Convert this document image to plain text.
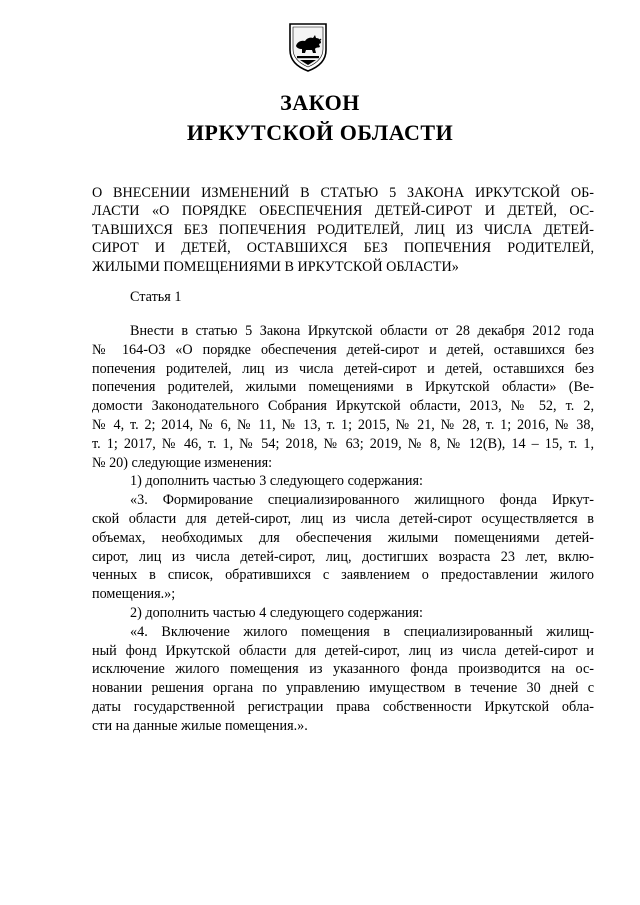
ЗАКОН
ИРКУТСКОЙ ОБЛАСТИ
О ВНЕСЕНИИ ИЗМЕНЕНИЙ В СТАТЬЮ 5 ЗАКОНА ИРКУТСКОЙ ОБ-
ЛАСТИ «О ПОРЯДКЕ ОБЕСПЕЧЕНИЯ ДЕТЕЙ-СИРОТ И ДЕТЕЙ, ОС-
ТАВШИХСЯ БЕЗ ПОПЕЧЕНИЯ РОДИТЕЛЕЙ, ЛИЦ ИЗ ЧИСЛА ДЕТЕЙ-
СИРОТ И ДЕТЕЙ, ОСТАВШИХСЯ БЕЗ ПОПЕЧЕНИЯ РОДИТЕЛЕЙ,
ЖИЛЫМИ ПОМЕЩЕНИЯМИ В ИРКУТСКОЙ ОБЛАСТИ»
Статья 1
Внести в статью 5 Закона Иркутской области от 28 декабря 2012 года
№ 164-ОЗ «О порядке обеспечения детей-сирот и детей, оставшихся без
попечения родителей, лиц из числа детей-сирот и детей, оставшихся без
попечения родителей, жилыми помещениями в Иркутской области» (Ве-
домости Законодательного Собрания Иркутской области, 2013, № 52, т. 2,
№ 4, т. 2; 2014, № 6, № 11, № 13, т. 1; 2015, № 21, № 28, т. 1; 2016, № 38,
т. 1; 2017, № 46, т. 1, № 54; 2018, № 63; 2019, № 8, № 12(В), 14 – 15, т. 1,
№ 20) следующие изменения:
1) дополнить частью 3 следующего содержания:
«3. Формирование специализированного жилищного фонда Иркут-
ской области для детей-сирот, лиц из числа детей-сирот осуществляется в
объемах, необходимых для обеспечения жилыми помещениями детей-
сирот, лиц из числа детей-сирот, лиц, достигших возраста 23 лет, вклю-
ченных в список, обратившихся с заявлением о предоставлении жилого
помещения.»;
2) дополнить частью 4 следующего содержания:
«4. Включение жилого помещения в специализированный жилищ-
ный фонд Иркутской области для детей-сирот, лиц из числа детей-сирот и
исключение жилого помещения из указанного фонда производится на ос-
новании решения органа по управлению имуществом в течение 30 дней с
даты государственной регистрации права собственности Иркутской обла-
сти на данные жилые помещения.».
